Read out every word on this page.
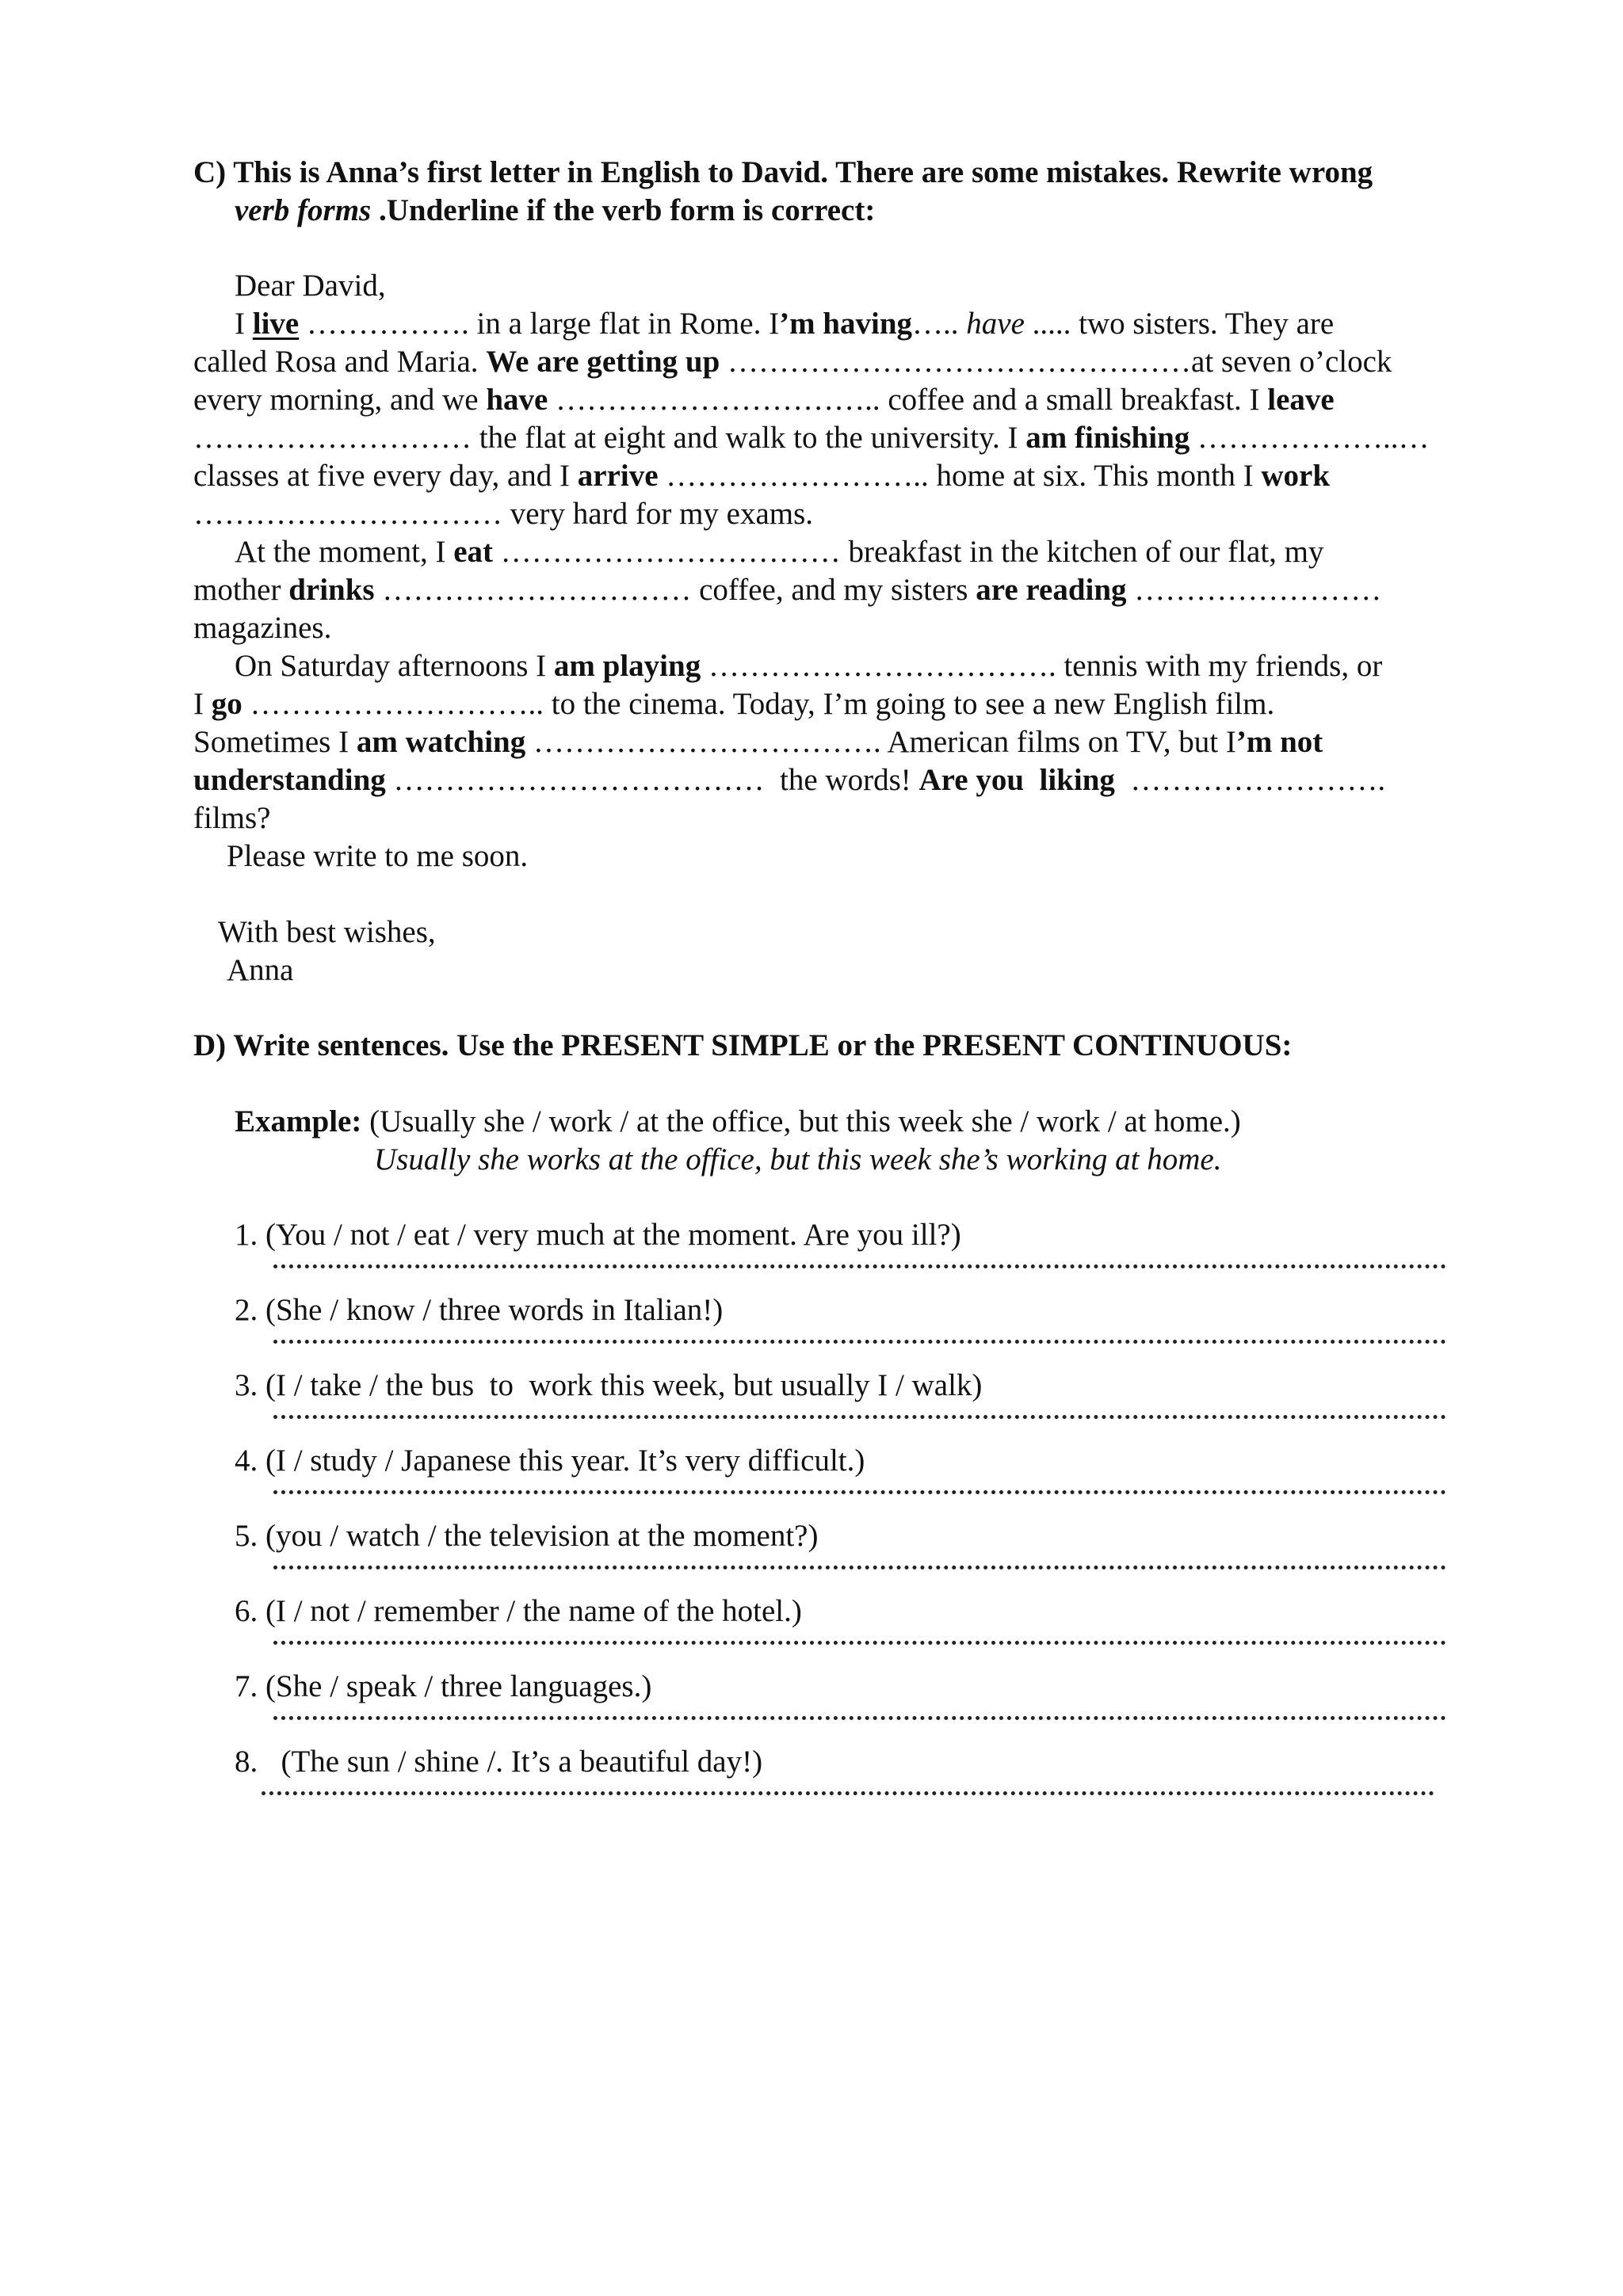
C) This is Anna’s first letter in English to David. There are some mistakes. Rewrite wrong
verb forms .Underline if the verb form is correct:
Dear David,
I live ……………. in a large flat in Rome. I’m having….. have ..... two sisters. They are
called Rosa and Maria. We are getting up ………………………………………at seven o’clock
every morning, and we have ………………………….. coffee and a small breakfast. I leave
……………………… the flat at eight and walk to the university. I am finishing ………………..…
classes at five every day, and I arrive …………………….. home at six. This month I work
………………………… very hard for my exams.
At the moment, I eat …………………………… breakfast in the kitchen of our flat, my
mother drinks ………………………… coffee, and my sisters are reading ……………………
magazines.
On Saturday afternoons I am playing ……………………………. tennis with my friends, or
I go ……………………….. to the cinema. Today, I’m going to see a new English film.
Sometimes I am watching ……………………………. American films on TV, but I’m not
understanding ………………………………  the words! Are you  liking  …………………….
films?
Please write to me soon.
With best wishes,
Anna
D) Write sentences. Use the PRESENT SIMPLE or the PRESENT CONTINUOUS:
Example: (Usually she / work / at the office, but this week she / work / at home.)
Usually she works at the office, but this week she’s working at home.
1. (You / not / eat / very much at the moment. Are you ill?)
2. (She / know / three words in Italian!)
3. (I / take / the bus  to  work this week, but usually I / walk)
4. (I / study / Japanese this year. It’s very difficult.)
5. (you / watch / the television at the moment?)
6. (I / not / remember / the name of the hotel.)
7. (She / speak / three languages.)
8.   (The sun / shine /. It’s a beautiful day!)
